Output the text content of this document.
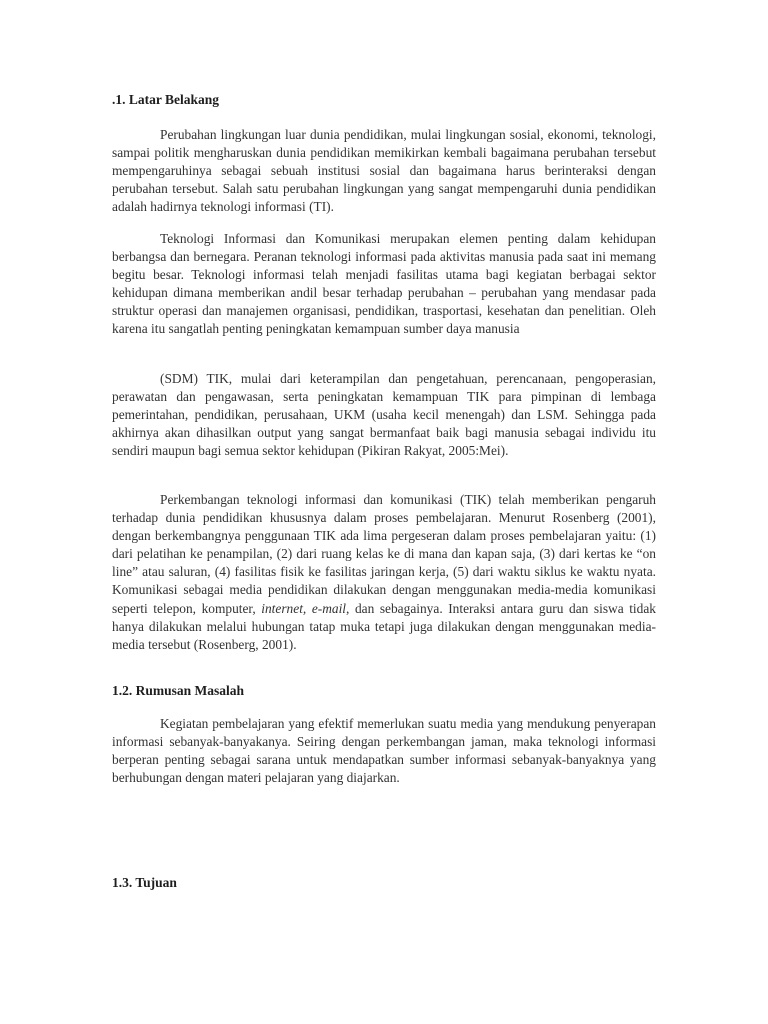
.1. Latar Belakang

Perubahan lingkungan luar dunia pendidikan, mulai lingkungan sosial, ekonomi, teknologi, sampai politik mengharuskan dunia pendidikan memikirkan kembali bagaimana perubahan tersebut mempengaruhinya sebagai sebuah institusi sosial dan bagaimana harus berinteraksi dengan perubahan tersebut. Salah satu perubahan lingkungan yang sangat mempengaruhi dunia pendidikan adalah hadirnya teknologi informasi (TI).

Teknologi Informasi dan Komunikasi merupakan elemen penting dalam kehidupan berbangsa dan bernegara. Peranan teknologi informasi pada aktivitas manusia pada saat ini memang begitu besar. Teknologi informasi telah menjadi fasilitas utama bagi kegiatan berbagai sektor kehidupan dimana memberikan andil besar terhadap perubahan – perubahan yang mendasar pada struktur operasi dan manajemen organisasi, pendidikan, trasportasi, kesehatan dan penelitian. Oleh karena itu sangatlah penting peningkatan kemampuan sumber daya manusia

(SDM) TIK, mulai dari keterampilan dan pengetahuan, perencanaan, pengoperasian, perawatan dan pengawasan, serta peningkatan kemampuan TIK para pimpinan di lembaga pemerintahan, pendidikan, perusahaan, UKM (usaha kecil menengah) dan LSM. Sehingga pada akhirnya akan dihasilkan output yang sangat bermanfaat baik bagi manusia sebagai individu itu sendiri maupun bagi semua sektor kehidupan (Pikiran Rakyat, 2005:Mei).

Perkembangan teknologi informasi dan komunikasi (TIK) telah memberikan pengaruh terhadap dunia pendidikan khususnya dalam proses pembelajaran. Menurut Rosenberg (2001), dengan berkembangnya penggunaan TIK ada lima pergeseran dalam proses pembelajaran yaitu: (1) dari pelatihan ke penampilan, (2) dari ruang kelas ke di mana dan kapan saja, (3) dari kertas ke “on line” atau saluran, (4) fasilitas fisik ke fasilitas jaringan kerja, (5) dari waktu siklus ke waktu nyata. Komunikasi sebagai media pendidikan dilakukan dengan menggunakan media-media komunikasi seperti telepon, komputer, internet, e-mail, dan sebagainya. Interaksi antara guru dan siswa tidak hanya dilakukan melalui hubungan tatap muka tetapi juga dilakukan dengan menggunakan media-media tersebut (Rosenberg, 2001).

1.2. Rumusan Masalah

Kegiatan pembelajaran yang efektif memerlukan suatu media yang mendukung penyerapan informasi sebanyak-banyakanya. Seiring dengan perkembangan jaman, maka teknologi informasi berperan penting sebagai sarana untuk mendapatkan sumber informasi sebanyak-banyaknya yang berhubungan dengan materi pelajaran yang diajarkan.

1.3. Tujuan
